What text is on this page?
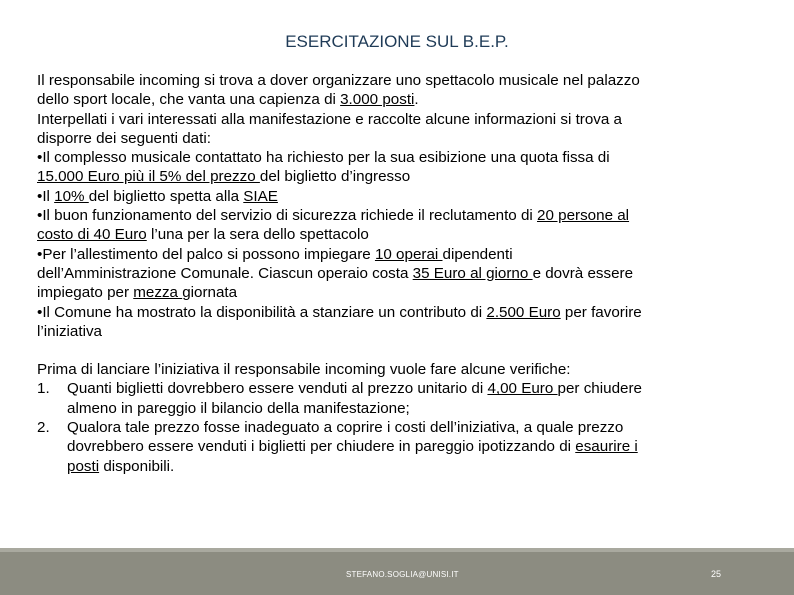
ESERCITAZIONE SUL B.E.P.

Il responsabile incoming si trova a dover organizzare uno spettacolo musicale nel palazzo

dello sport locale, che vanta una capienza di 3.000 posti.

Interpellati i vari interessati alla manifestazione e raccolte alcune informazioni si trova a

disporre dei seguenti dati:

•Il complesso musicale contattato ha richiesto per la sua esibizione una quota fissa di

15.000 Euro più il 5% del prezzo del biglietto d’ingresso

•Il 10% del biglietto spetta alla SIAE

•Il buon funzionamento del servizio di sicurezza richiede il reclutamento di 20 persone al

costo di 40 Euro l’una per la sera dello spettacolo

•Per l’allestimento del palco si possono impiegare 10 operai dipendenti

dell’Amministrazione Comunale. Ciascun operaio costa 35 Euro al giorno e dovrà essere

impiegato per mezza giornata

•Il Comune ha mostrato la disponibilità a stanziare un contributo di 2.500 Euro per favorire

l’iniziativa

Prima di lanciare l’iniziativa il responsabile incoming vuole fare alcune verifiche:

1.	Quanti biglietti dovrebbero essere venduti al prezzo unitario di 4,00 Euro per chiudere

almeno in pareggio il bilancio della manifestazione;

2.	Qualora tale prezzo fosse inadeguato a coprire i costi dell’iniziativa, a quale prezzo

dovrebbero essere venduti i biglietti per chiudere in pareggio ipotizzando di esaurire i

posti disponibili.

STEFANO.SOGLIA@UNISI.IT	25
